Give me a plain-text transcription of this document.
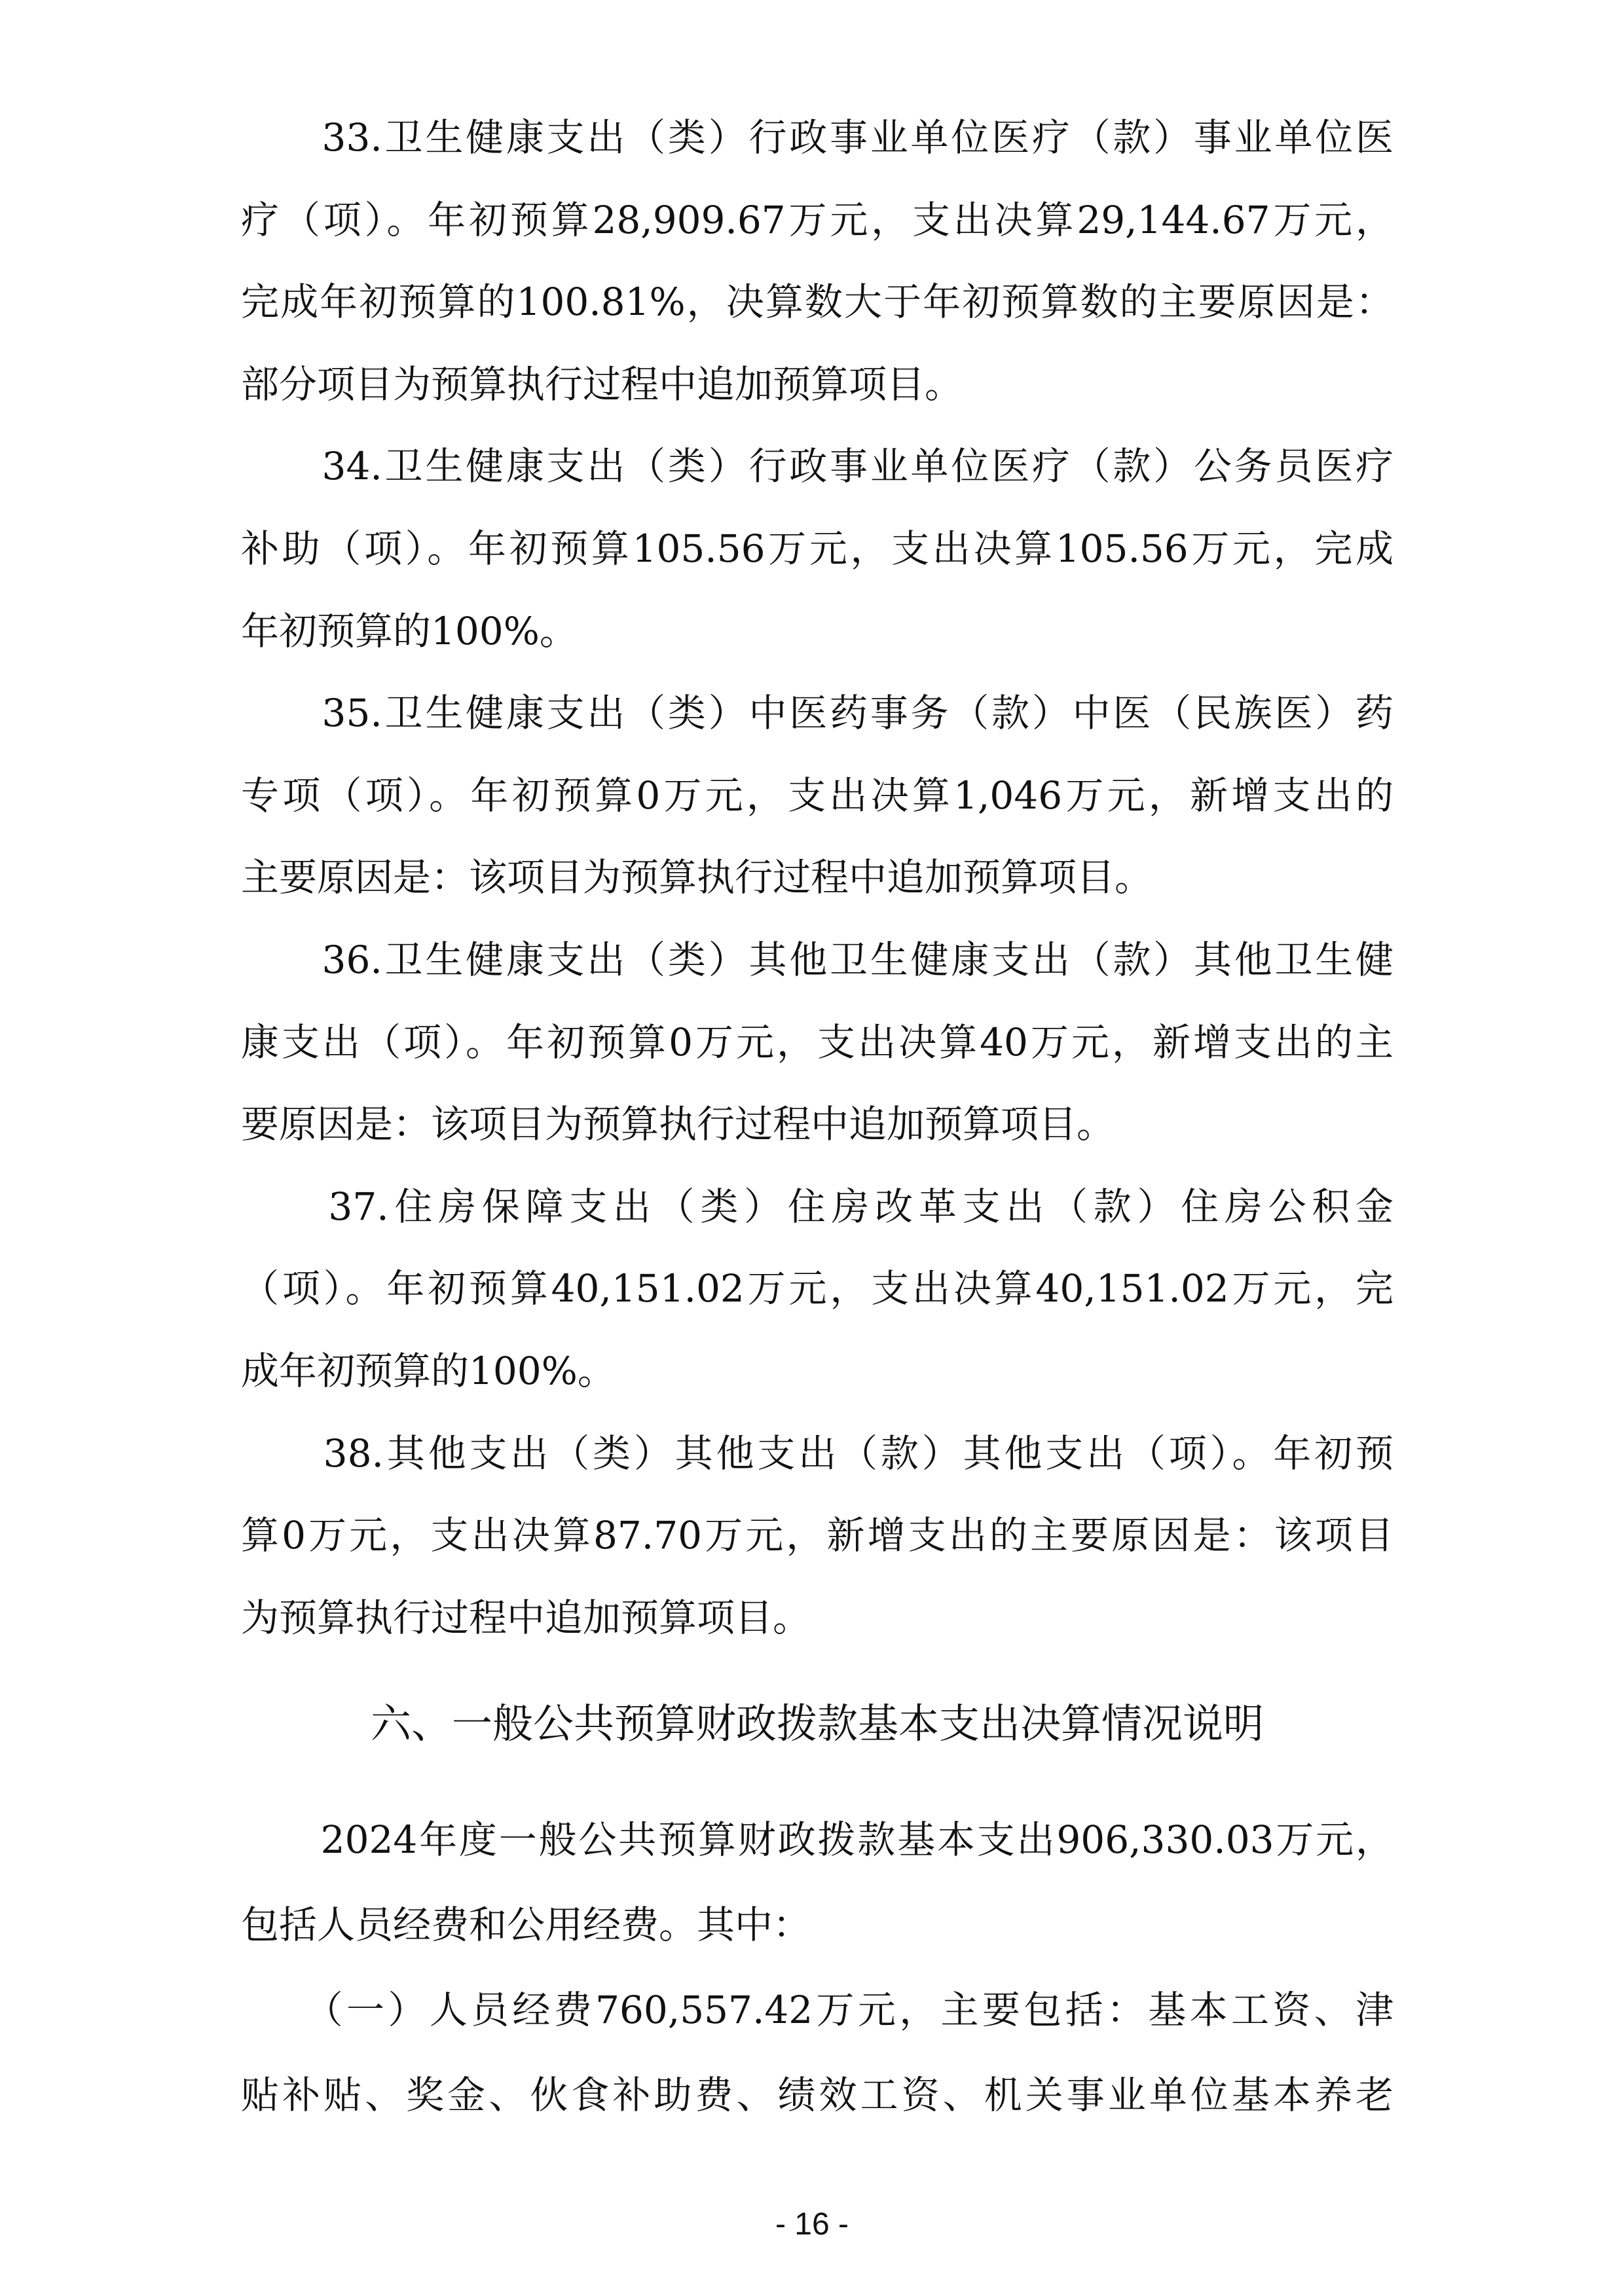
　　33.卫生健康支出（类）行政事业单位医疗（款）事业单位医
疗（项）。年初预算28,909.67万元，支出决算29,144.67万元，
完成年初预算的100.81%，决算数大于年初预算数的主要原因是：
部分项目为预算执行过程中追加预算项目。
　　34.卫生健康支出（类）行政事业单位医疗（款）公务员医疗
补助（项）。年初预算105.56万元，支出决算105.56万元，完成
年初预算的100%。
　　35.卫生健康支出（类）中医药事务（款）中医（民族医）药
专项（项）。年初预算0万元，支出决算1,046万元，新增支出的
主要原因是：该项目为预算执行过程中追加预算项目。
　　36.卫生健康支出（类）其他卫生健康支出（款）其他卫生健
康支出（项）。年初预算0万元，支出决算40万元，新增支出的主
要原因是：该项目为预算执行过程中追加预算项目。
　　37.住房保障支出（类）住房改革支出（款）住房公积金
（项）。年初预算40,151.02万元，支出决算40,151.02万元，完
成年初预算的100%。
　　38.其他支出（类）其他支出（款）其他支出（项）。年初预
算0万元，支出决算87.70万元，新增支出的主要原因是：该项目
为预算执行过程中追加预算项目。
　　2024年度一般公共预算财政拨款基本支出906,330.03万元，
包括人员经费和公用经费。其中：
　　（一）人员经费760,557.42万元，主要包括：基本工资、津
贴补贴、奖金、伙食补助费、绩效工资、机关事业单位基本养老
- 16 -
六、一般公共预算财政拨款基本支出决算情况说明
